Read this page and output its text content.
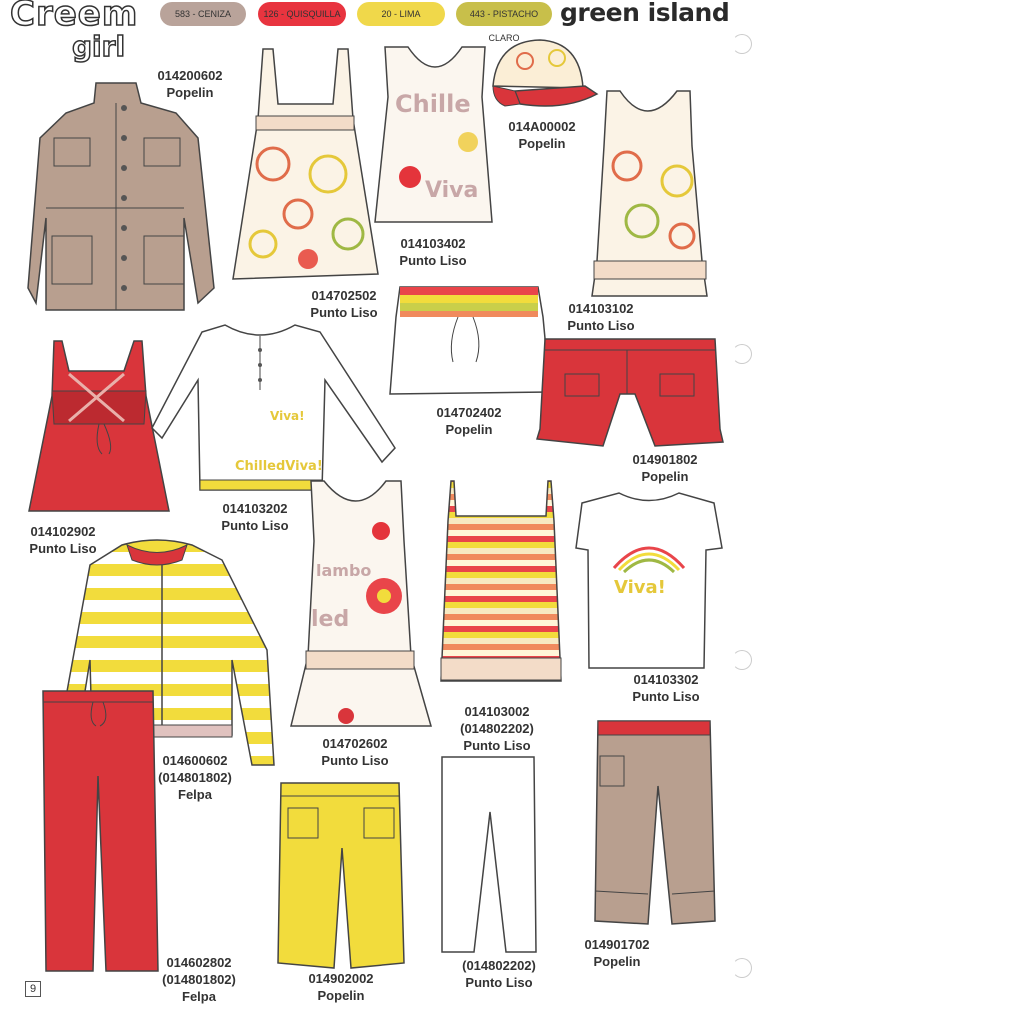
Creem
girl
583 - CENIZA	126 - QUISQUILLA	20 - LIMA	443 - PISTACHO CLARO
green island
Chille
Viva
ChilledViva!
Viva!
Viva!
lambo
led
014200602
Popelin
014702502
Punto Liso
014103402
Punto Liso
014A00002
Popelin
014103102
Punto Liso
014702402
Popelin
014901802
Popelin
014102902
Punto Liso
014103202
Punto Liso
014103302
Punto Liso
014600602
(014801802)
Felpa
014702602
Punto Liso
014103002
(014802202)
Punto Liso
014602802
(014801802)
Felpa
014902002
Popelin
(014802202)
Punto Liso
014901702
Popelin
9
